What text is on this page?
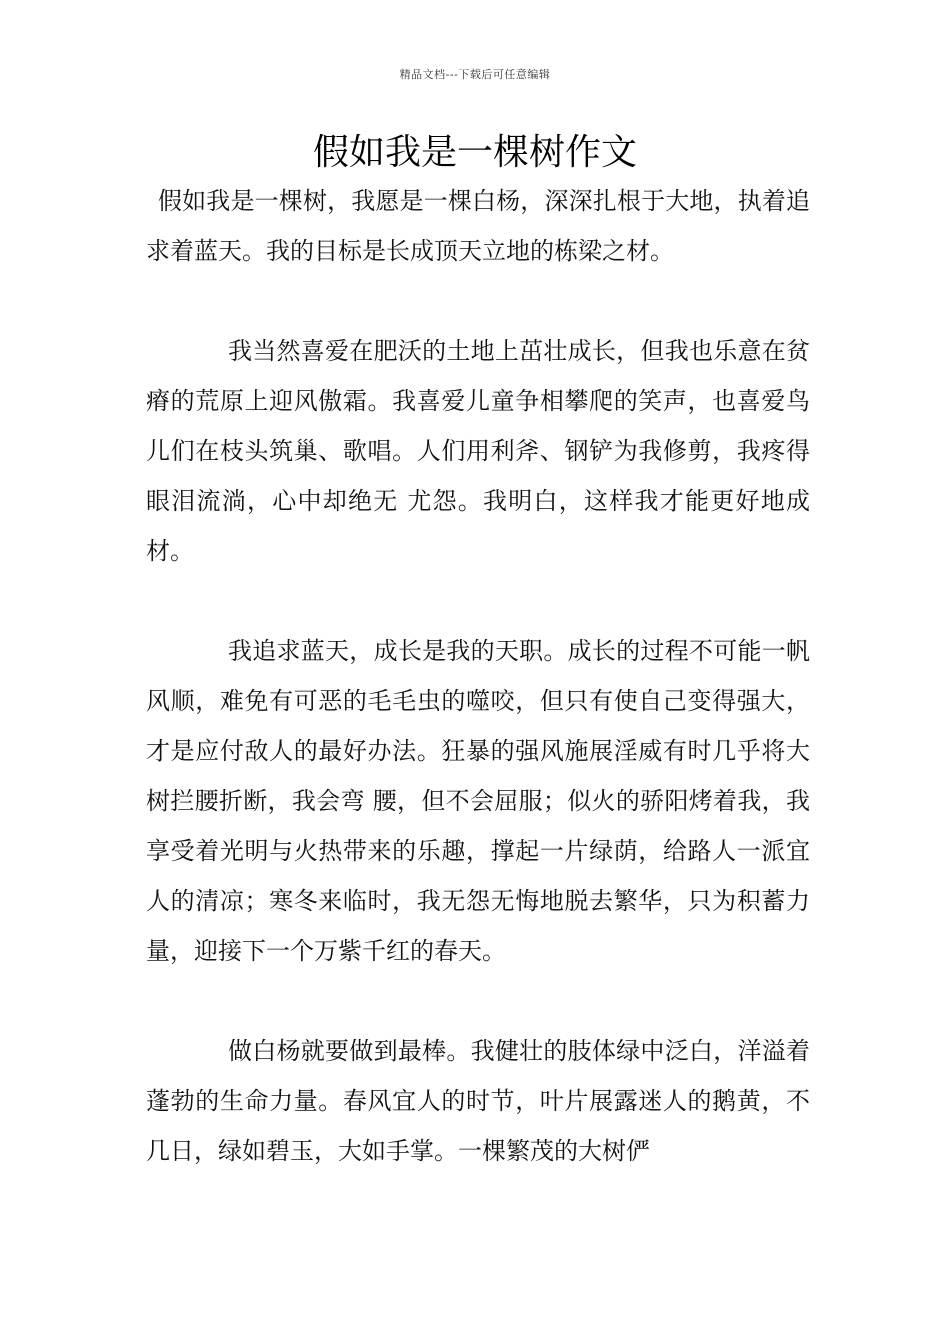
精品文档---下载后可任意编辑
假如我是一棵树作文

假如我是一棵树，我愿是一棵白杨，深深扎根于大地，执着追求着蓝天。我的目标是长成顶天立地的栋梁之材。

我当然喜爱在肥沃的土地上茁壮成长，但我也乐意在贫瘠的荒原上迎风傲霜。我喜爱儿童争相攀爬的笑声，也喜爱鸟儿们在枝头筑巢、歌唱。人们用利斧、钢铲为我修剪，我疼得眼泪流淌，心中却绝无 尤怨。我明白，这样我才能更好地成材。

我追求蓝天，成长是我的天职。成长的过程不可能一帆风顺，难免有可恶的毛毛虫的噬咬，但只有使自己变得强大，才是应付敌人的最好办法。狂暴的强风施展淫威有时几乎将大树拦腰折断，我会弯 腰，但不会屈服；似火的骄阳烤着我，我享受着光明与火热带来的乐趣，撑起一片绿荫，给路人一派宜人的清凉；寒冬来临时，我无怨无悔地脱去繁华，只为积蓄力量，迎接下一个万紫千红的春天。

做白杨就要做到最棒。我健壮的肢体绿中泛白，洋溢着蓬勃的生命力量。春风宜人的时节，叶片展露迷人的鹅黄，不几日，绿如碧玉，大如手掌。一棵繁茂的大树俨
